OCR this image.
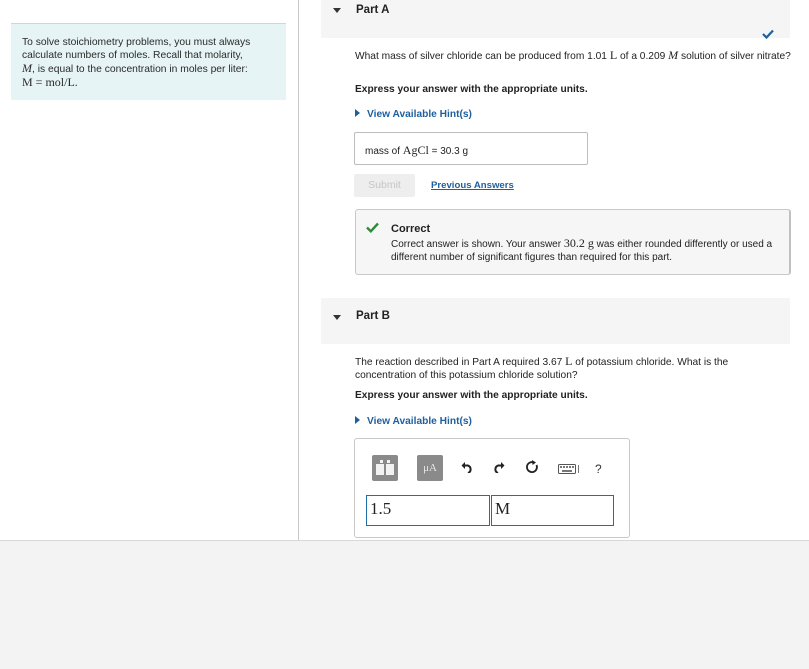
To solve stoichiometry problems, you must always
calculate numbers of moles. Recall that molarity,
M, is equal to the concentration in moles per liter:
M = mol/L.
Part A
What mass of silver chloride can be produced from 1.01 L of a 0.209 M solution of silver nitrate?
Express your answer with the appropriate units.
View Available Hint(s)
mass of AgCl = 30.3 g
Submit	Previous Answers
Correct
Correct answer is shown. Your answer 30.2 g was either rounded differently or used a different number of significant figures than required for this part.
Part B
The reaction described in Part A required 3.67 L of potassium chloride. What is the concentration of this potassium chloride solution?
Express your answer with the appropriate units.
View Available Hint(s)
μA	?
1.5	M
